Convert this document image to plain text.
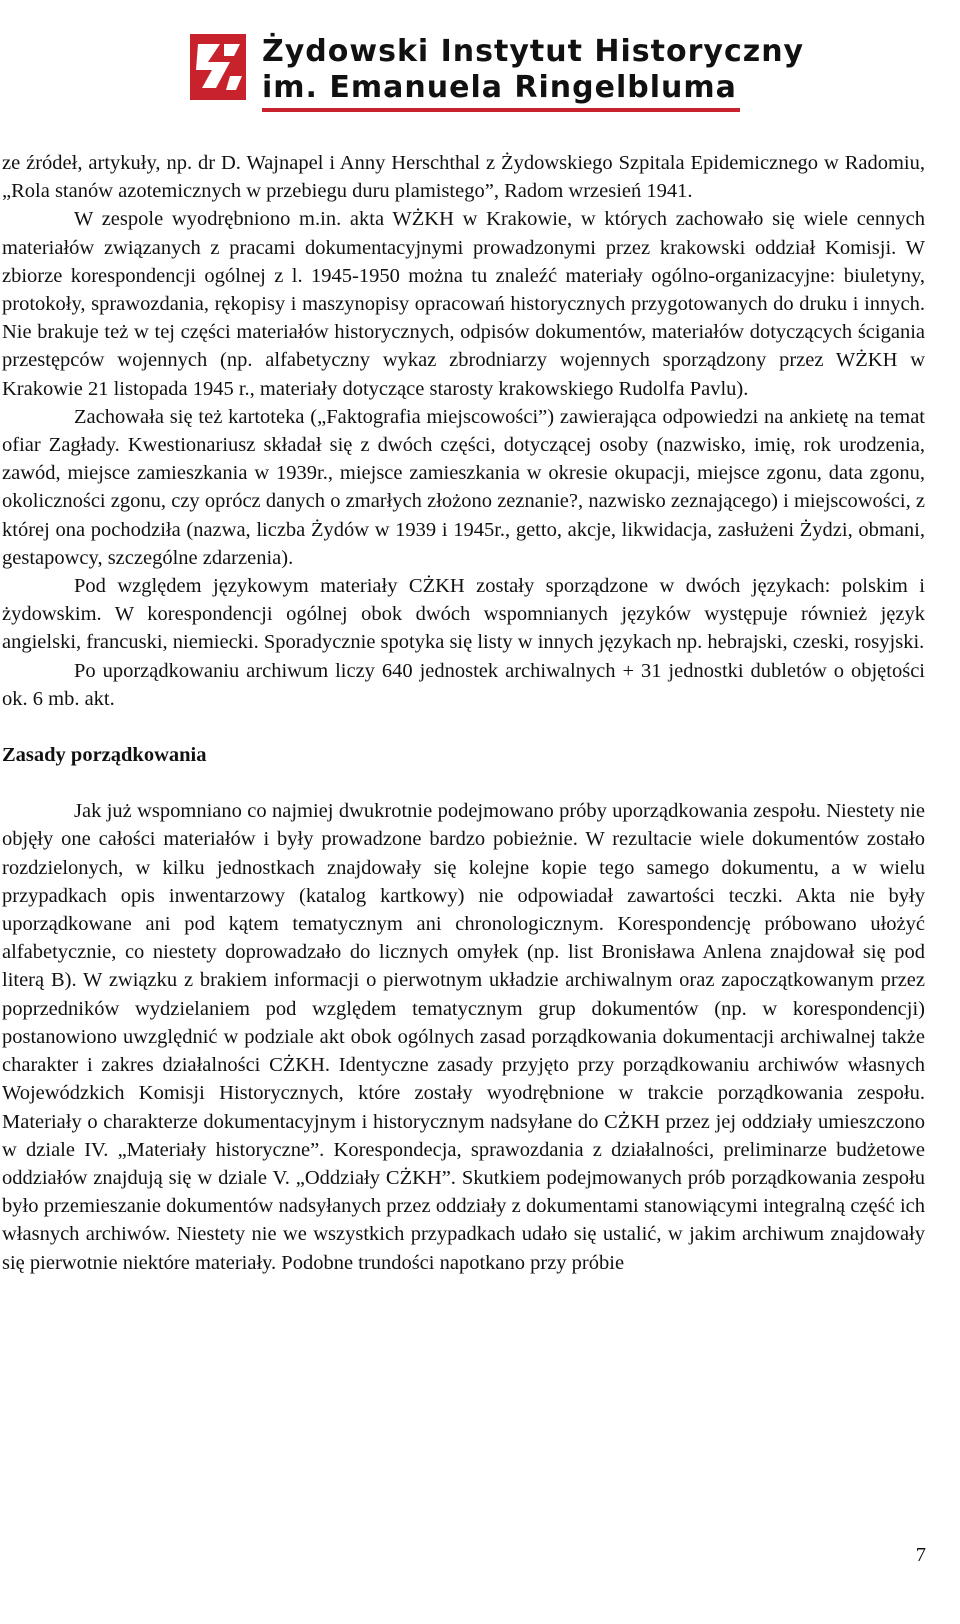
Żydowski Instytut Historyczny
im. Emanuela Ringelbluma

ze źródeł, artykuły, np. dr D. Wajnapel i Anny Herschthal z Żydowskiego Szpitala Epidemicznego w Radomiu, „Rola stanów azotemicznych w przebiegu duru plamistego”, Radom wrzesień 1941.

W zespole wyodrębniono m.in. akta WŻKH w Krakowie, w których zachowało się wiele cennych materiałów związanych z pracami dokumentacyjnymi prowadzonymi przez krakowski oddział Komisji. W zbiorze korespondencji ogólnej z l. 1945-1950 można tu znaleźć materiały ogólno-organizacyjne: biuletyny, protokoły, sprawozdania, rękopisy i maszynopisy opracowań historycznych przygotowanych do druku i innych. Nie brakuje też w tej części materiałów historycznych, odpisów dokumentów, materiałów dotyczących ścigania przestępców wojennych (np. alfabetyczny wykaz zbrodniarzy wojennych sporządzony przez WŻKH w Krakowie 21 listopada 1945 r., materiały dotyczące starosty krakowskiego Rudolfa Pavlu).

Zachowała się też kartoteka („Faktografia miejscowości”) zawierająca odpowiedzi na ankietę na temat ofiar Zagłady. Kwestionariusz składał się z dwóch części, dotyczącej osoby (nazwisko, imię, rok urodzenia, zawód, miejsce zamieszkania w 1939r., miejsce zamieszkania w okresie okupacji, miejsce zgonu, data zgonu, okoliczności zgonu, czy oprócz danych o zmarłych złożono zeznanie?, nazwisko zeznającego) i miejscowości, z której ona pochodziła (nazwa, liczba Żydów w 1939 i 1945r., getto, akcje, likwidacja, zasłużeni Żydzi, obmani, gestapowcy, szczególne zdarzenia).

Pod względem językowym materiały CŻKH zostały sporządzone w dwóch językach: polskim i żydowskim. W korespondencji ogólnej obok dwóch wspomnianych języków występuje również język angielski, francuski, niemiecki. Sporadycznie spotyka się listy w innych językach np. hebrajski, czeski, rosyjski.

Po uporządkowaniu archiwum liczy 640 jednostek archiwalnych + 31 jednostki dubletów o objętości ok. 6 mb. akt.

Zasady porządkowania

Jak już wspomniano co najmiej dwukrotnie podejmowano próby uporządkowania zespołu. Niestety nie objęły one całości materiałów i były prowadzone bardzo pobieżnie. W rezultacie wiele dokumentów zostało rozdzielonych, w kilku jednostkach znajdowały się kolejne kopie tego samego dokumentu, a w wielu przypadkach opis inwentarzowy (katalog kartkowy) nie odpowiadał zawartości teczki. Akta nie były uporządkowane ani pod kątem tematycznym ani chronologicznym. Korespondencję próbowano ułożyć alfabetycznie, co niestety doprowadzało do licznych omyłek (np. list Bronisława Anlena znajdował się pod literą B). W związku z brakiem informacji o pierwotnym układzie archiwalnym oraz zapoczątkowanym przez poprzedników wydzielaniem pod względem tematycznym grup dokumentów (np. w korespondencji) postanowiono uwzględnić w podziale akt obok ogólnych zasad porządkowania dokumentacji archiwalnej także charakter i zakres działalności CŻKH. Identyczne zasady przyjęto przy porządkowaniu archiwów własnych Wojewódzkich Komisji Historycznych, które zostały wyodrębnione w trakcie porządkowania zespołu. Materiały o charakterze dokumentacyjnym i historycznym nadsyłane do CŻKH przez jej oddziały umieszczono w dziale IV. „Materiały historyczne”. Korespondecja, sprawozdania z działalności, preliminarze budżetowe oddziałów znajdują się w dziale V. „Oddziały CŻKH”. Skutkiem podejmowanych prób porządkowania zespołu było przemieszanie dokumentów nadsyłanych przez oddziały z dokumentami stanowiącymi integralną część ich własnych archiwów. Niestety nie we wszystkich przypadkach udało się ustalić, w jakim archiwum znajdowały się pierwotnie niektóre materiały. Podobne trundości napotkano przy próbie

7
